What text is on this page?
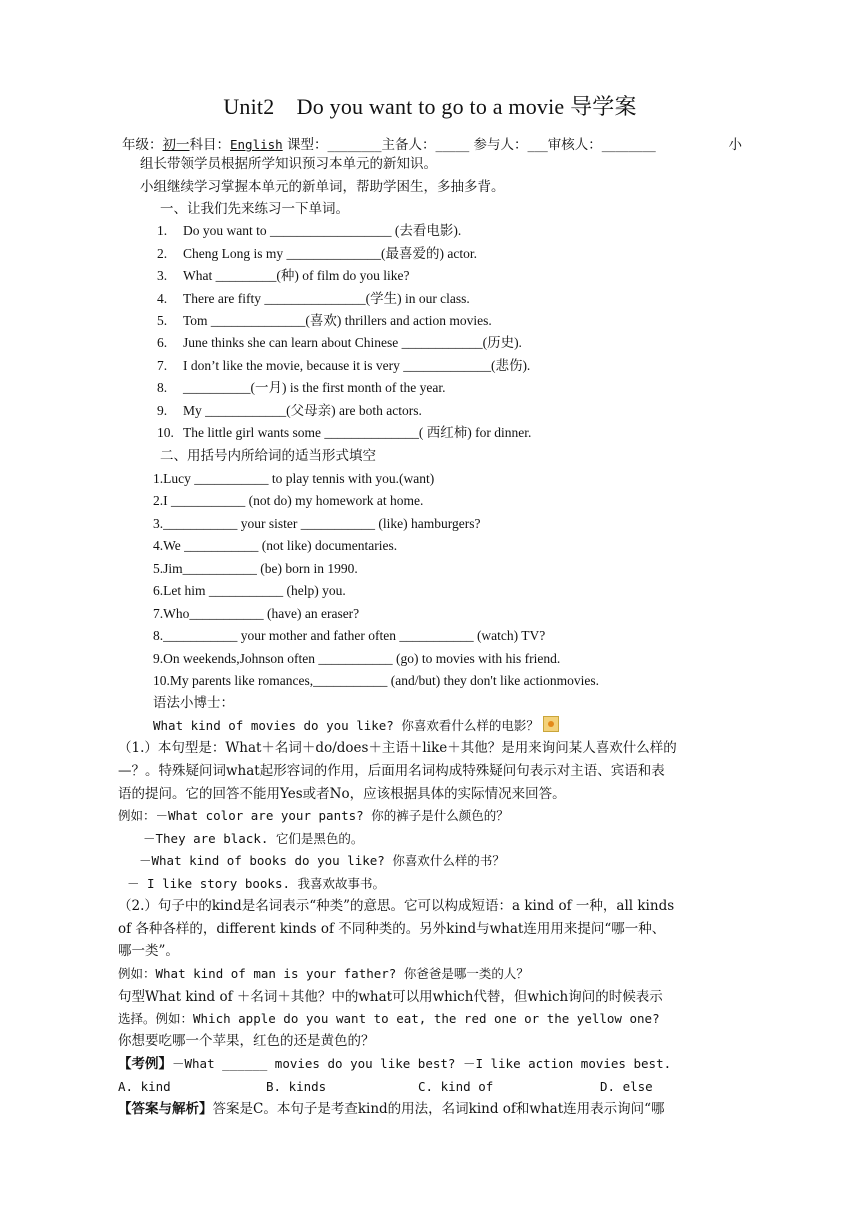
Unit2　Do you want to go to a movie 导学案
年级：初一科目：English 课型：________主备人：_____ 参与人：___审核人：________	小
组长带领学员根据所学知识预习本单元的新知识。
小组继续学习掌握本单元的新单词，帮助学困生，多抽多背。
一、让我们先来练习一下单词。
1. Do you want to __________________ (去看电影).
2. Cheng Long is my ______________(最喜爱的) actor.
3. What _________(种) of film do you like?
4. There are fifty _______________(学生) in our class.
5. Tom ______________(喜欢) thrillers and action movies.
6. June thinks she can learn about Chinese ____________(历史).
7. I don’t like the movie, because it is very _____________(悲伤).
8. __________(一月) is the first month of the year.
9. My ____________(父母亲) are both actors.
10. The little girl wants some ______________( 西红柿) for dinner.
二、用括号内所给词的适当形式填空
1.Lucy ___________ to play tennis with you.(want)
2.I ___________ (not do) my homework at home.
3.___________ your sister ___________ (like) hamburgers?
4.We ___________ (not like) documentaries.
5.Jim___________ (be) born in 1990.
6.Let him ___________ (help) you.
7.Who___________ (have) an eraser?
8.___________ your mother and father often ___________ (watch) TV?
9.On weekends,Johnson often ___________ (go) to movies with his friend.
10.My parents like romances,___________ (and/but) they don't like actionmovies.
语法小博士：
What kind of movies do you like? 你喜欢看什么样的电影？
（1.）本句型是：What＋名词＋do/does＋主语＋like＋其他？是用来询问某人喜欢什么样的
—？。特殊疑问词what起形容词的作用，后面用名词构成特殊疑问句表示对主语、宾语和表
语的提问。它的回答不能用Yes或者No，应该根据具体的实际情况来回答。
例如：－What color are your pants? 你的裤子是什么颜色的？
－They are black. 它们是黑色的。
－What kind of books do you like? 你喜欢什么样的书？
－ I like story books. 我喜欢故事书。
（2.）句子中的kind是名词表示“种类”的意思。它可以构成短语：a kind of 一种，all kinds
of 各种各样的，different kinds of 不同种类的。另外kind与what连用用来提问“哪一种、
哪一类”。
例如：What kind of man is your father? 你爸爸是哪一类的人？
句型What kind of ＋名词＋其他？中的what可以用which代替，但which询问的时候表示
选择。例如：Which apple do you want to eat, the red one or the yellow one?
你想要吃哪一个苹果，红色的还是黄色的？
【考例】－What ______ movies do you like best? －I like action movies best.
A. kind	B. kinds	C. kind of	D. else
【答案与解析】答案是C。本句子是考查kind的用法，名词kind of和what连用表示询问“哪
